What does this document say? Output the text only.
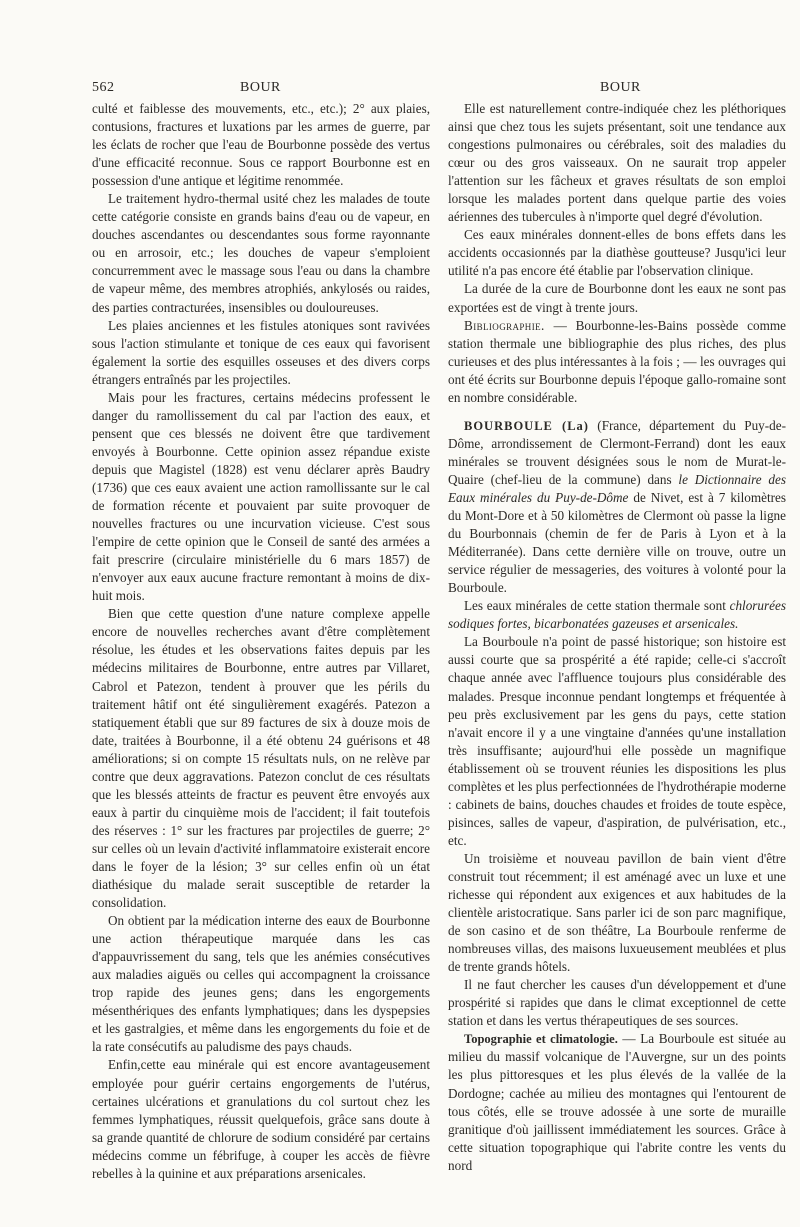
562	BOUR	BOUR

culté et faiblesse des mouvements, etc., etc.); 2° aux plaies, contusions, fractures et luxations par les armes de guerre, par les éclats de rocher que l'eau de Bourbonne possède des vertus d'une efficacité reconnue. Sous ce rapport Bourbonne est en possession d'une antique et légitime renommée.

Le traitement hydro-thermal usité chez les malades de toute cette catégorie consiste en grands bains d'eau ou de vapeur, en douches ascendantes ou descendantes sous forme rayonnante ou en arrosoir, etc.; les douches de vapeur s'emploient concurremment avec le massage sous l'eau ou dans la chambre de vapeur même, des membres atrophiés, ankylosés ou raides, des parties contracturées, insensibles ou douloureuses.

Les plaies anciennes et les fistules atoniques sont ravivées sous l'action stimulante et tonique de ces eaux qui favorisent également la sortie des esquilles osseuses et des divers corps étrangers entraînés par les projectiles.

Mais pour les fractures, certains médecins professent le danger du ramollissement du cal par l'action des eaux, et pensent que ces blessés ne doivent être que tardivement envoyés à Bourbonne. Cette opinion assez répandue existe depuis que Magistel (1828) est venu déclarer après Baudry (1736) que ces eaux avaient une action ramollissante sur le cal de formation récente et pouvaient par suite provoquer de nouvelles fractures ou une incurvation vicieuse. C'est sous l'empire de cette opinion que le Conseil de santé des armées a fait prescrire (circulaire ministérielle du 6 mars 1857) de n'envoyer aux eaux aucune fracture remontant à moins de dix-huit mois.

Bien que cette question d'une nature complexe appelle encore de nouvelles recherches avant d'être complètement résolue, les études et les observations faites depuis par les médecins militaires de Bourbonne, entre autres par Villaret, Cabrol et Patezon, tendent à prouver que les périls du traitement hâtif ont été singulièrement exagérés. Patezon a statiquement établi que sur 89 factures de six à douze mois de date, traitées à Bourbonne, il a été obtenu 24 guérisons et 48 améliorations; si on compte 15 résultats nuls, on ne relève par contre que deux aggravations. Patezon conclut de ces résultats que les blessés atteints de fractur es peuvent être envoyés aux eaux à partir du cinquième mois de l'accident; il fait toutefois des réserves : 1° sur les fractures par projectiles de guerre; 2° sur celles où un levain d'activité inflammatoire existerait encore dans le foyer de la lésion; 3° sur celles enfin où un état diathésique du malade serait susceptible de retarder la consolidation.

On obtient par la médication interne des eaux de Bourbonne une action thérapeutique marquée dans les cas d'appauvrissement du sang, tels que les anémies consécutives aux maladies aiguës ou celles qui accompagnent la croissance trop rapide des jeunes gens; dans les engorgements mésenthériques des enfants lymphatiques; dans les dyspepsies et les gastralgies, et même dans les engorgements du foie et de la rate consécutifs au paludisme des pays chauds.

Enfin,cette eau minérale qui est encore avantageusement employée pour guérir certains engorgements de l'utérus, certaines ulcérations et granulations du col surtout chez les femmes lymphatiques, réussit quelquefois, grâce sans doute à sa grande quantité de chlorure de sodium considéré par certains médecins comme un fébrifuge, à couper les accès de fièvre rebelles à la quinine et aux préparations arsenicales.

Elle est naturellement contre-indiquée chez les pléthoriques ainsi que chez tous les sujets présentant, soit une tendance aux congestions pulmonaires ou cérébrales, soit des maladies du cœur ou des gros vaisseaux. On ne saurait trop appeler l'attention sur les fâcheux et graves résultats de son emploi lorsque les malades portent dans quelque partie des voies aériennes des tubercules à n'importe quel degré d'évolution.

Ces eaux minérales donnent-elles de bons effets dans les accidents occasionnés par la diathèse goutteuse? Jusqu'ici leur utilité n'a pas encore été établie par l'observation clinique.

La durée de la cure de Bourbonne dont les eaux ne sont pas exportées est de vingt à trente jours.

Bibliographie. — Bourbonne-les-Bains possède comme station thermale une bibliographie des plus riches, des plus curieuses et des plus intéressantes à la fois ; — les ouvrages qui ont été écrits sur Bourbonne depuis l'époque gallo-romaine sont en nombre considérable.

BOURBOULE (La) (France, département du Puy-de-Dôme, arrondissement de Clermont-Ferrand) dont les eaux minérales se trouvent désignées sous le nom de Murat-le-Quaire (chef-lieu de la commune) dans le Dictionnaire des Eaux minérales du Puy-de-Dôme de Nivet, est à 7 kilomètres du Mont-Dore et à 50 kilomètres de Clermont où passe la ligne du Bourbonnais (chemin de fer de Paris à Lyon et à la Méditerranée). Dans cette dernière ville on trouve, outre un service régulier de messageries, des voitures à volonté pour la Bourboule.

Les eaux minérales de cette station thermale sont chlorurées sodiques fortes, bicarbonatées gazeuses et arsenicales.

La Bourboule n'a point de passé historique; son histoire est aussi courte que sa prospérité a été rapide; celle-ci s'accroît chaque année avec l'affluence toujours plus considérable des malades. Presque inconnue pendant longtemps et fréquentée à peu près exclusivement par les gens du pays, cette station n'avait encore il y a une vingtaine d'années qu'une installation très insuffisante; aujourd'hui elle possède un magnifique établissement où se trouvent réunies les dispositions les plus complètes et les plus perfectionnées de l'hydrothérapie moderne : cabinets de bains, douches chaudes et froides de toute espèce, pisinces, salles de vapeur, d'aspiration, de pulvérisation, etc., etc.

Un troisième et nouveau pavillon de bain vient d'être construit tout récemment; il est aménagé avec un luxe et une richesse qui répondent aux exigences et aux habitudes de la clientèle aristocratique. Sans parler ici de son parc magnifique, de son casino et de son théâtre, La Bourboule renferme de nombreuses villas, des maisons luxueusement meublées et plus de trente grands hôtels.

Il ne faut chercher les causes d'un développement et d'une prospérité si rapides que dans le climat exceptionnel de cette station et dans les vertus thérapeutiques de ses sources.

Topographie et climatologie. — La Bourboule est située au milieu du massif volcanique de l'Auvergne, sur un des points les plus pittoresques et les plus élevés de la vallée de la Dordogne; cachée au milieu des montagnes qui l'entourent de tous côtés, elle se trouve adossée à une sorte de muraille granitique d'où jaillissent immédiatement les sources. Grâce à cette situation topographique qui l'abrite contre les vents du nord
